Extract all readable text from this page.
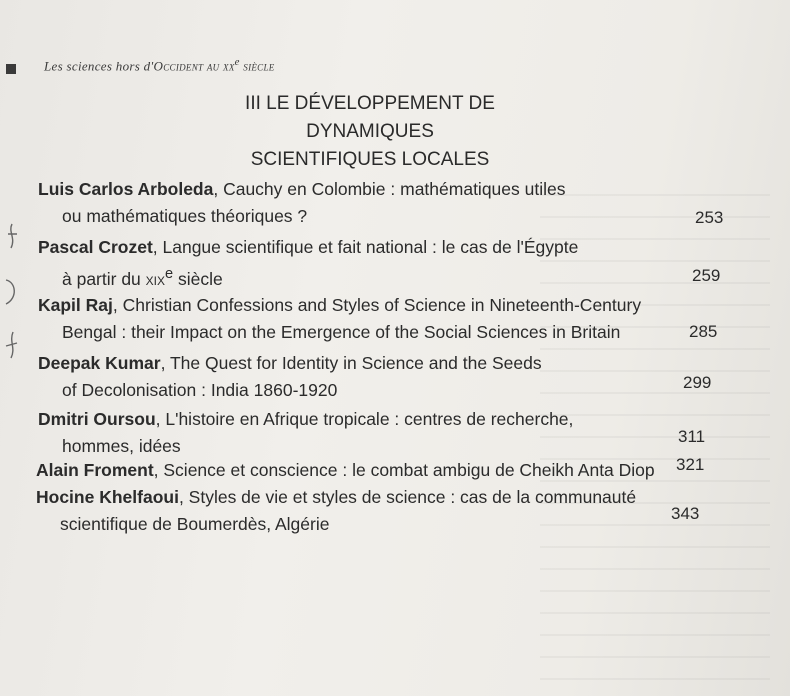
Les sciences hors d'Occident au $xx^e$ siècle
III LE DÉVELOPPEMENT DE DYNAMIQUES
SCIENTIFIQUES LOCALES
Luis Carlos Arboleda, Cauchy en Colombie : mathématiques utiles
ou mathématiques théoriques ?	253
Pascal Crozet, Langue scientifique et fait national : le cas de l'Égypte
à partir du xix$^e$ siècle	259
Kapil Raj, Christian Confessions and Styles of Science in Nineteenth-Century
Bengal : their Impact on the Emergence of the Social Sciences in Britain	285
Deepak Kumar, The Quest for Identity in Science and the Seeds
of Decolonisation : India 1860-1920	299
Dmitri Oursou, L'histoire en Afrique tropicale : centres de recherche,
hommes, idées	311
Alain Froment, Science et conscience : le combat ambigu de Cheikh Anta Diop 321
Hocine Khelfaoui, Styles de vie et styles de science : cas de la communauté
scientifique de Boumerdès, Algérie
343
